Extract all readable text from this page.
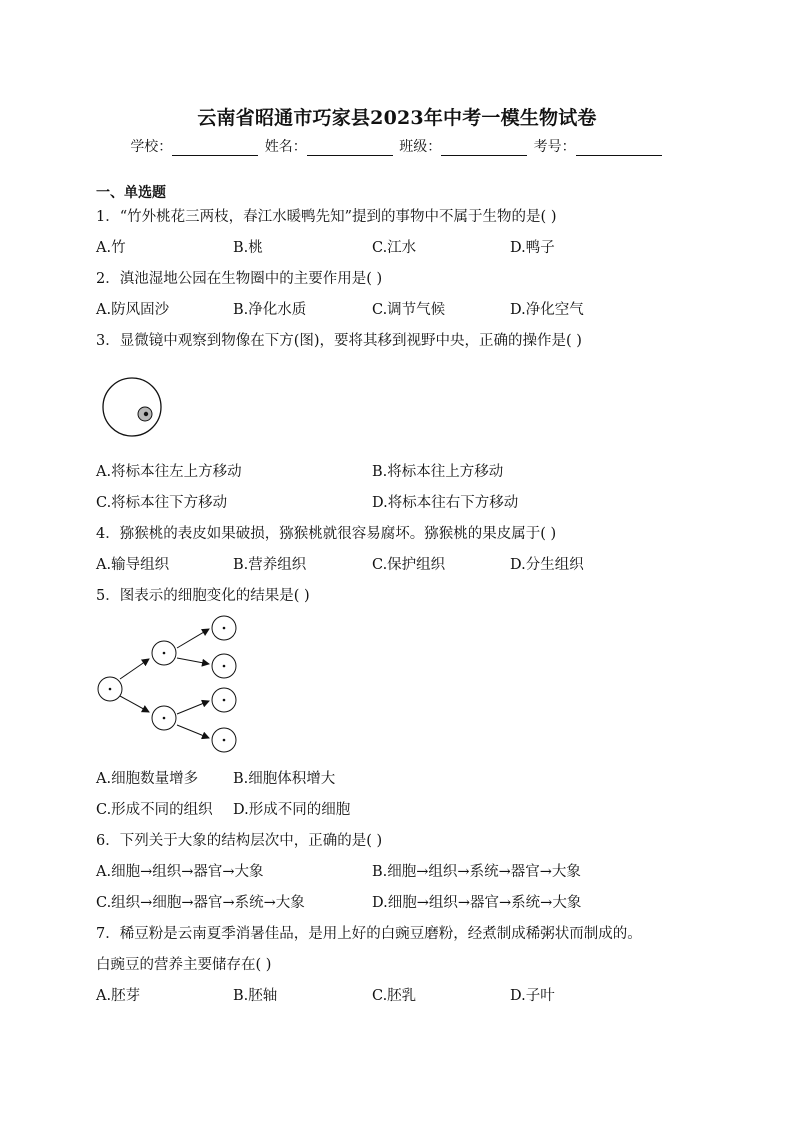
云南省昭通市巧家县2023年中考一模生物试卷
学校：	姓名：	班级：	考号：
一、单选题
1．“竹外桃花三两枝，春江水暖鸭先知”提到的事物中不属于生物的是( )
A.竹	B.桃	C.江水	D.鸭子
2．滇池湿地公园在生物圈中的主要作用是( )
A.防风固沙	B.净化水质	C.调节气候	D.净化空气
3．显微镜中观察到物像在下方(图)，要将其移到视野中央，正确的操作是( )
A.将标本往左上方移动	B.将标本往上方移动
C.将标本往下方移动	D.将标本往右下方移动
4．猕猴桃的表皮如果破损，猕猴桃就很容易腐坏。猕猴桃的果皮属于( )
A.输导组织	B.营养组织	C.保护组织	D.分生组织
5．图表示的细胞变化的结果是( )
A.细胞数量增多 B.细胞体积增大
C.形成不同的组织 D.形成不同的细胞
6．下列关于大象的结构层次中，正确的是( )
A.细胞→组织→器官→大象	B.细胞→组织→系统→器官→大象
C.组织→细胞→器官→系统→大象	D.细胞→组织→器官→系统→大象
7．稀豆粉是云南夏季消暑佳品，是用上好的白豌豆磨粉，经煮制成稀粥状而制成的。
白豌豆的营养主要储存在( )
A.胚芽	B.胚轴	C.胚乳	D.子叶
